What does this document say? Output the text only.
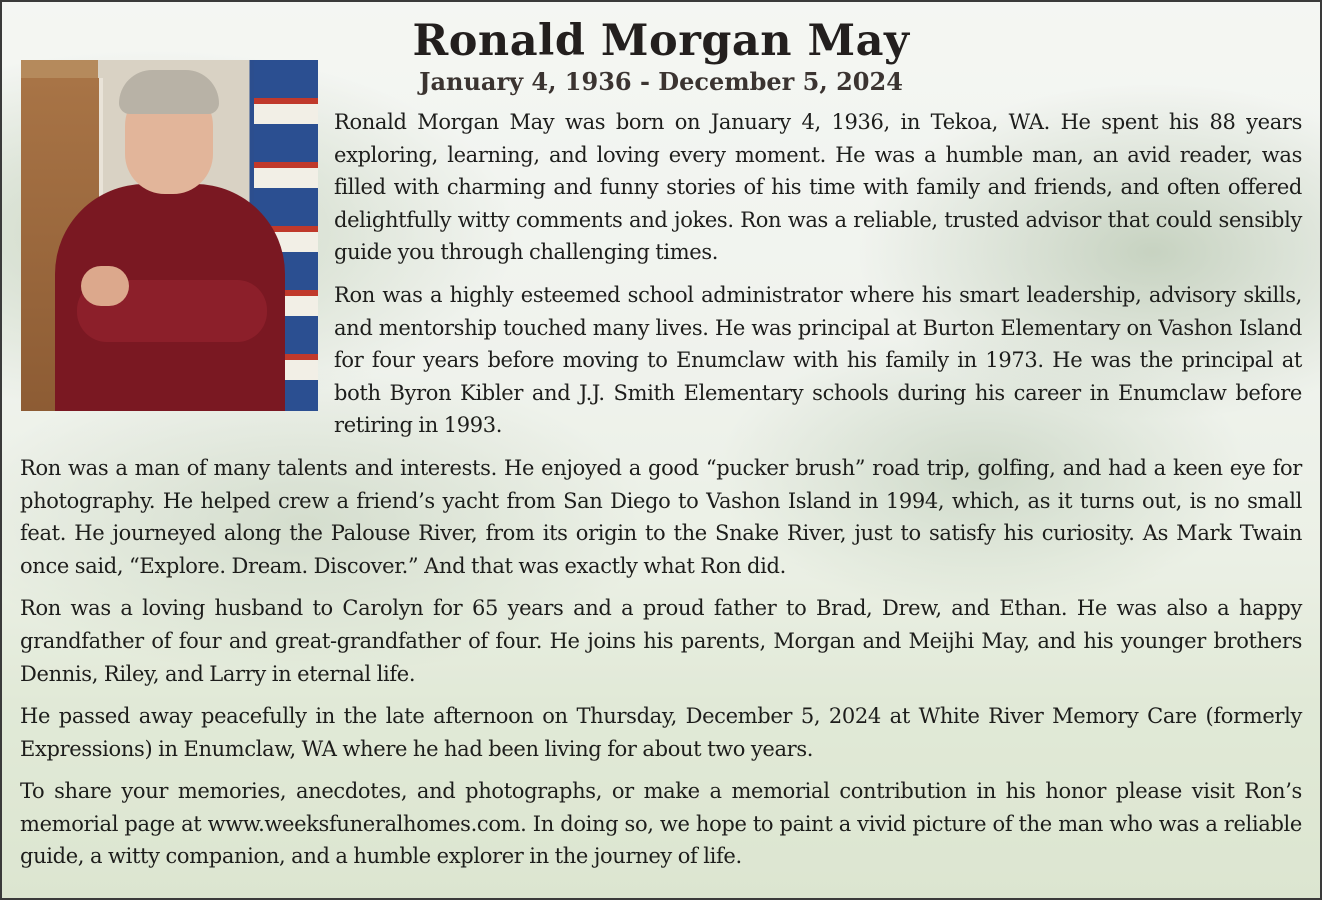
Ronald Morgan May
January 4, 1936 - December 5, 2024

Ronald Morgan May was born on January 4, 1936, in Tekoa, WA. He spent his 88 years exploring, learning, and loving every moment. He was a humble man, an avid reader, was filled with charming and funny stories of his time with family and friends, and often offered delightfully witty comments and jokes. Ron was a reliable, trusted advisor that could sensibly guide you through challenging times.

Ron was a highly esteemed school administrator where his smart leadership, advisory skills, and mentorship touched many lives. He was principal at Burton Elementary on Vashon Island for four years before moving to Enumclaw with his family in 1973. He was the principal at both Byron Kibler and J.J. Smith Elementary schools during his career in Enumclaw before retiring in 1993.

Ron was a man of many talents and interests. He enjoyed a good “pucker brush” road trip, golfing, and had a keen eye for photography. He helped crew a friend’s yacht from San Diego to Vashon Island in 1994, which, as it turns out, is no small feat. He journeyed along the Palouse River, from its origin to the Snake River, just to satisfy his curiosity. As Mark Twain once said, “Explore. Dream. Discover.” And that was exactly what Ron did.

Ron was a loving husband to Carolyn for 65 years and a proud father to Brad, Drew, and Ethan. He was also a happy grandfather of four and great-grandfather of four. He joins his parents, Morgan and Meijhi May, and his younger brothers Dennis, Riley, and Larry in eternal life.

He passed away peacefully in the late afternoon on Thursday, December 5, 2024 at White River Memory Care (formerly Expressions) in Enumclaw, WA where he had been living for about two years.

To share your memories, anecdotes, and photographs, or make a memorial contribution in his honor please visit Ron’s memorial page at www.weeksfuneralhomes.com. In doing so, we hope to paint a vivid picture of the man who was a reliable guide, a witty companion, and a humble explorer in the journey of life.
